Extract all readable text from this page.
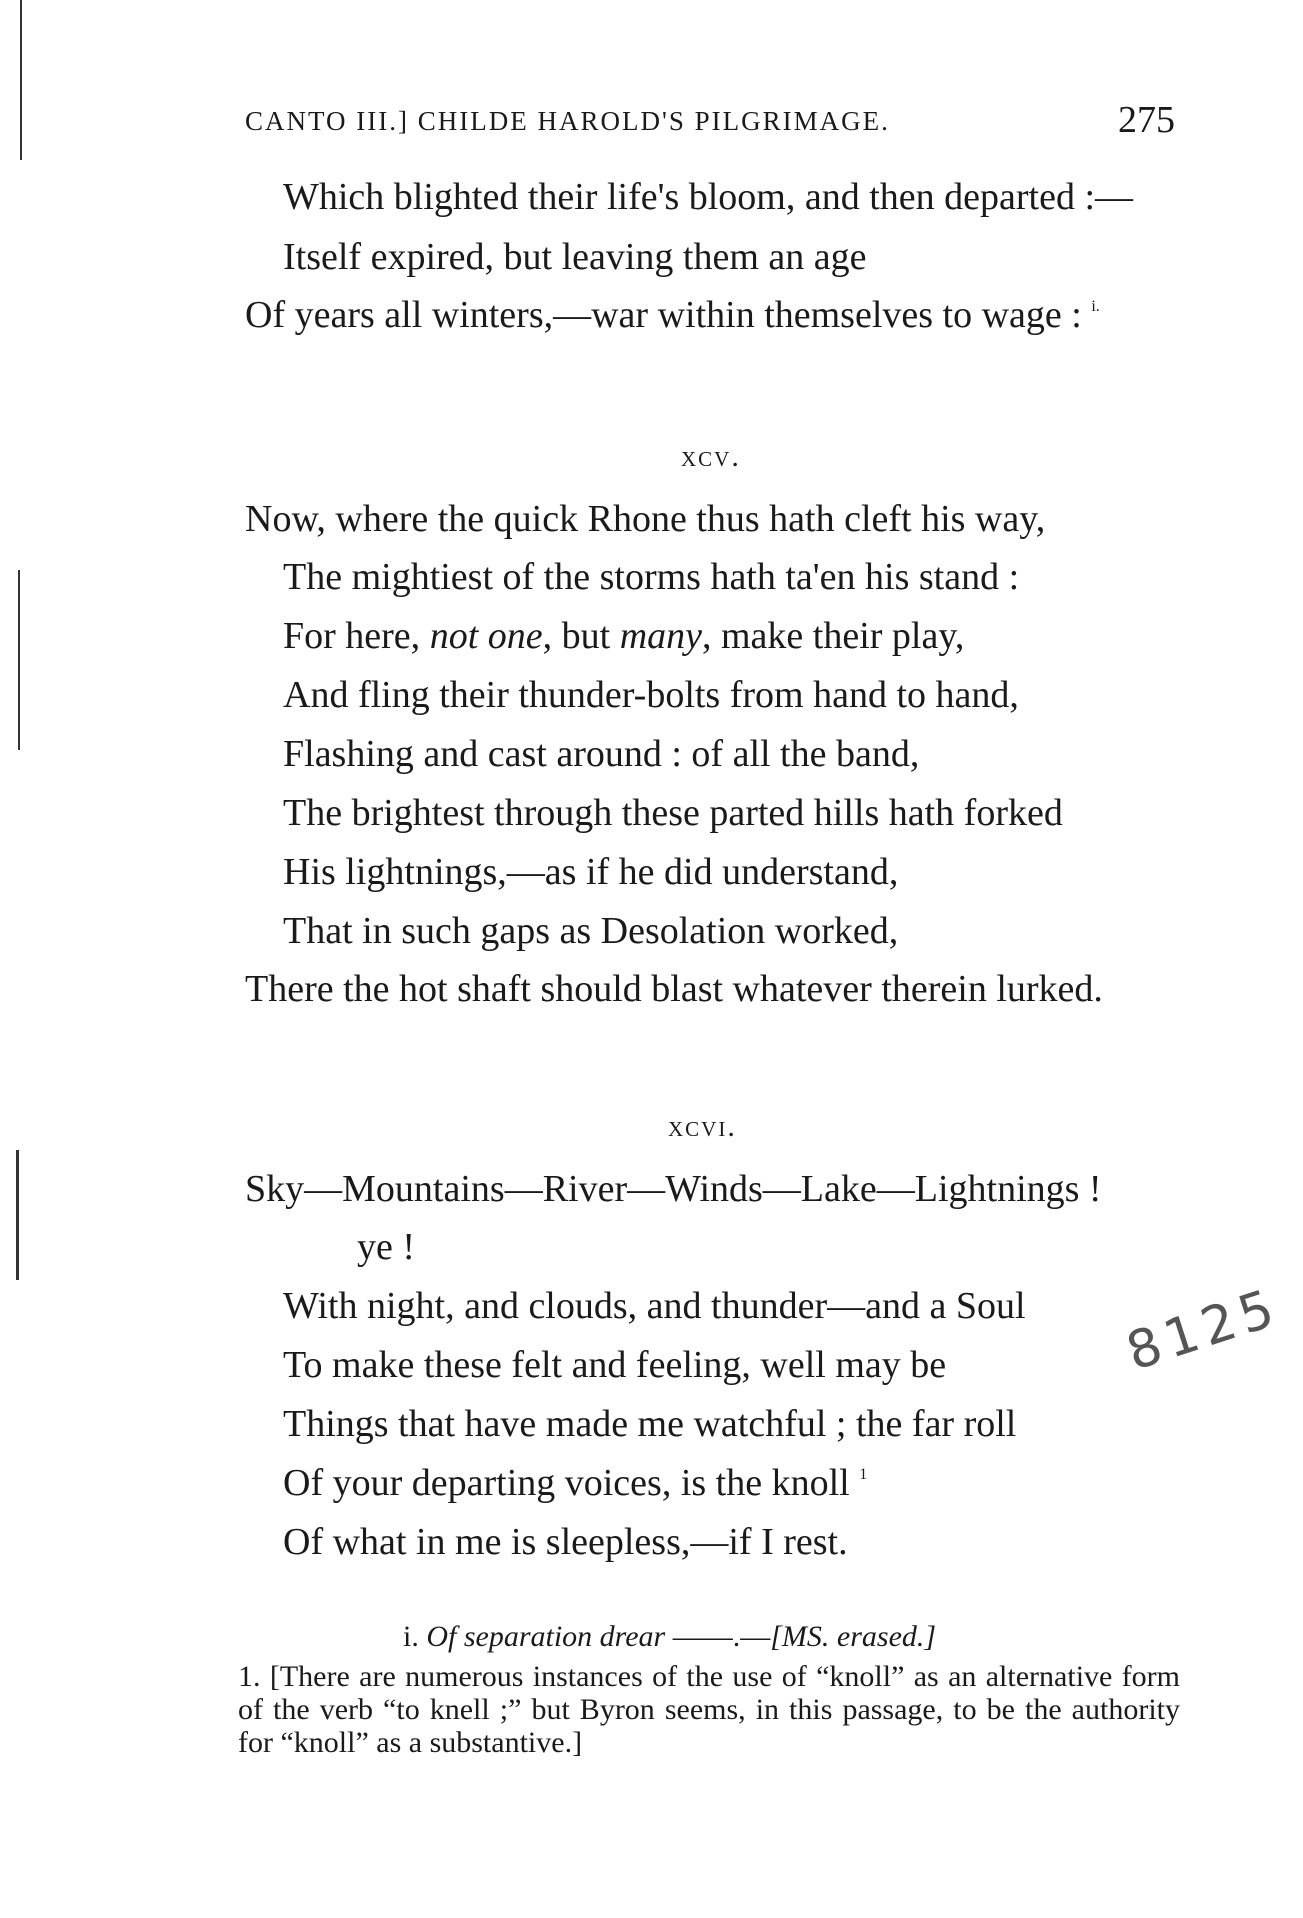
CANTO III.] CHILDE HAROLD'S PILGRIMAGE.	275
Which blighted their life's bloom, and then departed :—
Itself expired, but leaving them an age
Of years all winters,—war within themselves to wage : $^{i.}$
xcv.
Now, where the quick Rhone thus hath cleft his way,
The mightiest of the storms hath ta'en his stand :
For here, not one, but many, make their play,
And fling their thunder-bolts from hand to hand,
Flashing and cast around : of all the band,
The brightest through these parted hills hath forked
His lightnings,—as if he did understand,
That in such gaps as Desolation worked,
There the hot shaft should blast whatever therein lurked.
xcvi.
Sky—Mountains—River—Winds—Lake—Lightnings !
ye !
With night, and clouds, and thunder—and a Soul
To make these felt and feeling, well may be
Things that have made me watchful ; the far roll
Of your departing voices, is the knoll $^1$
Of what in me is sleepless,—if I rest.
8125
i. Of separation drear ——.—[MS. erased.]
1. [There are numerous instances of the use of “knoll” as an alternative form of the verb “to knell ;” but Byron seems, in this passage, to be the authority for “knoll” as a substantive.]
